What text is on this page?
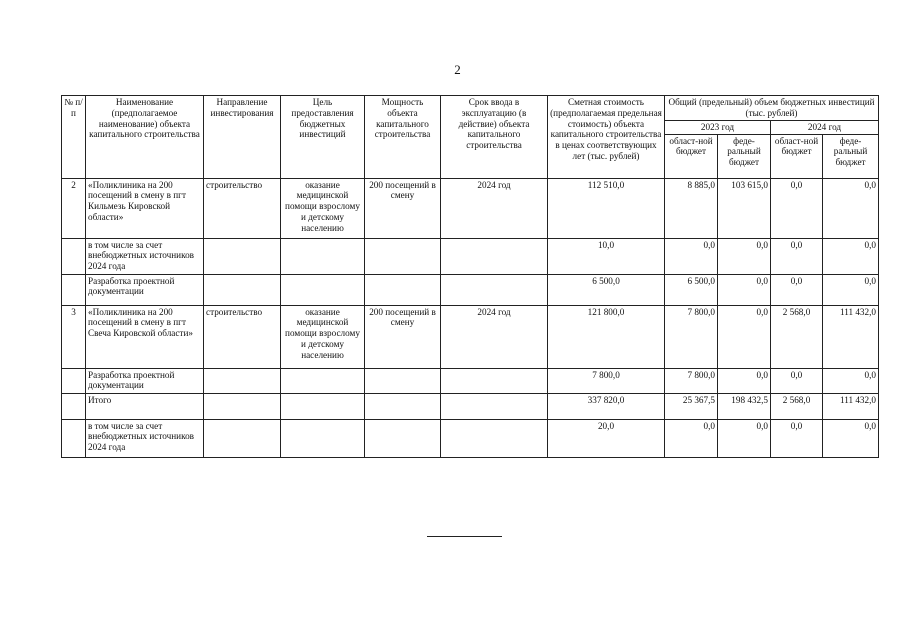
2
№ п/п	Наименование (предполагаемое наименование) объекта капитального строительства	Направление инвестирования	Цель предоставления бюджетных инвестиций	Мощность объекта капитального строительства	Срок ввода в эксплуатацию (в действие) объекта капитального строительства	Сметная стоимость (предполагаемая предельная стоимость) объекта капитального строительства в ценах соответствующих лет (тыс. рублей)	Общий (предельный) объем бюджетных инвестиций (тыс. рублей)			
							2023 год		2024 год	
							област-ной бюджет	феде-ральный бюджет	област-ной бюджет	феде-ральный бюджет
2	«Поликлиника на 200 посещений в смену в пгт Кильмезь Кировской области»	строительство	оказание медицинской помощи взрослому и детскому населению	200 посещений в смену	2024 год	112 510,0	8 885,0	103 615,0	0,0	0,0
	в том числе за счет внебюджетных источников 2024 года					10,0	0,0	0,0	0,0	0,0
	Разработка проектной документации					6 500,0	6 500,0	0,0	0,0	0,0
3	«Поликлиника на 200 посещений в смену в пгт Свеча Кировской области»	строительство	оказание медицинской помощи взрослому и детскому населению	200 посещений в смену	2024 год	121 800,0	7 800,0	0,0	2 568,0	111 432,0
	Разработка проектной документации					7 800,0	7 800,0	0,0	0,0	0,0
	Итого					337 820,0	25 367,5	198 432,5	2 568,0	111 432,0
	в том числе за счет внебюджетных источников 2024 года					20,0	0,0	0,0	0,0	0,0
